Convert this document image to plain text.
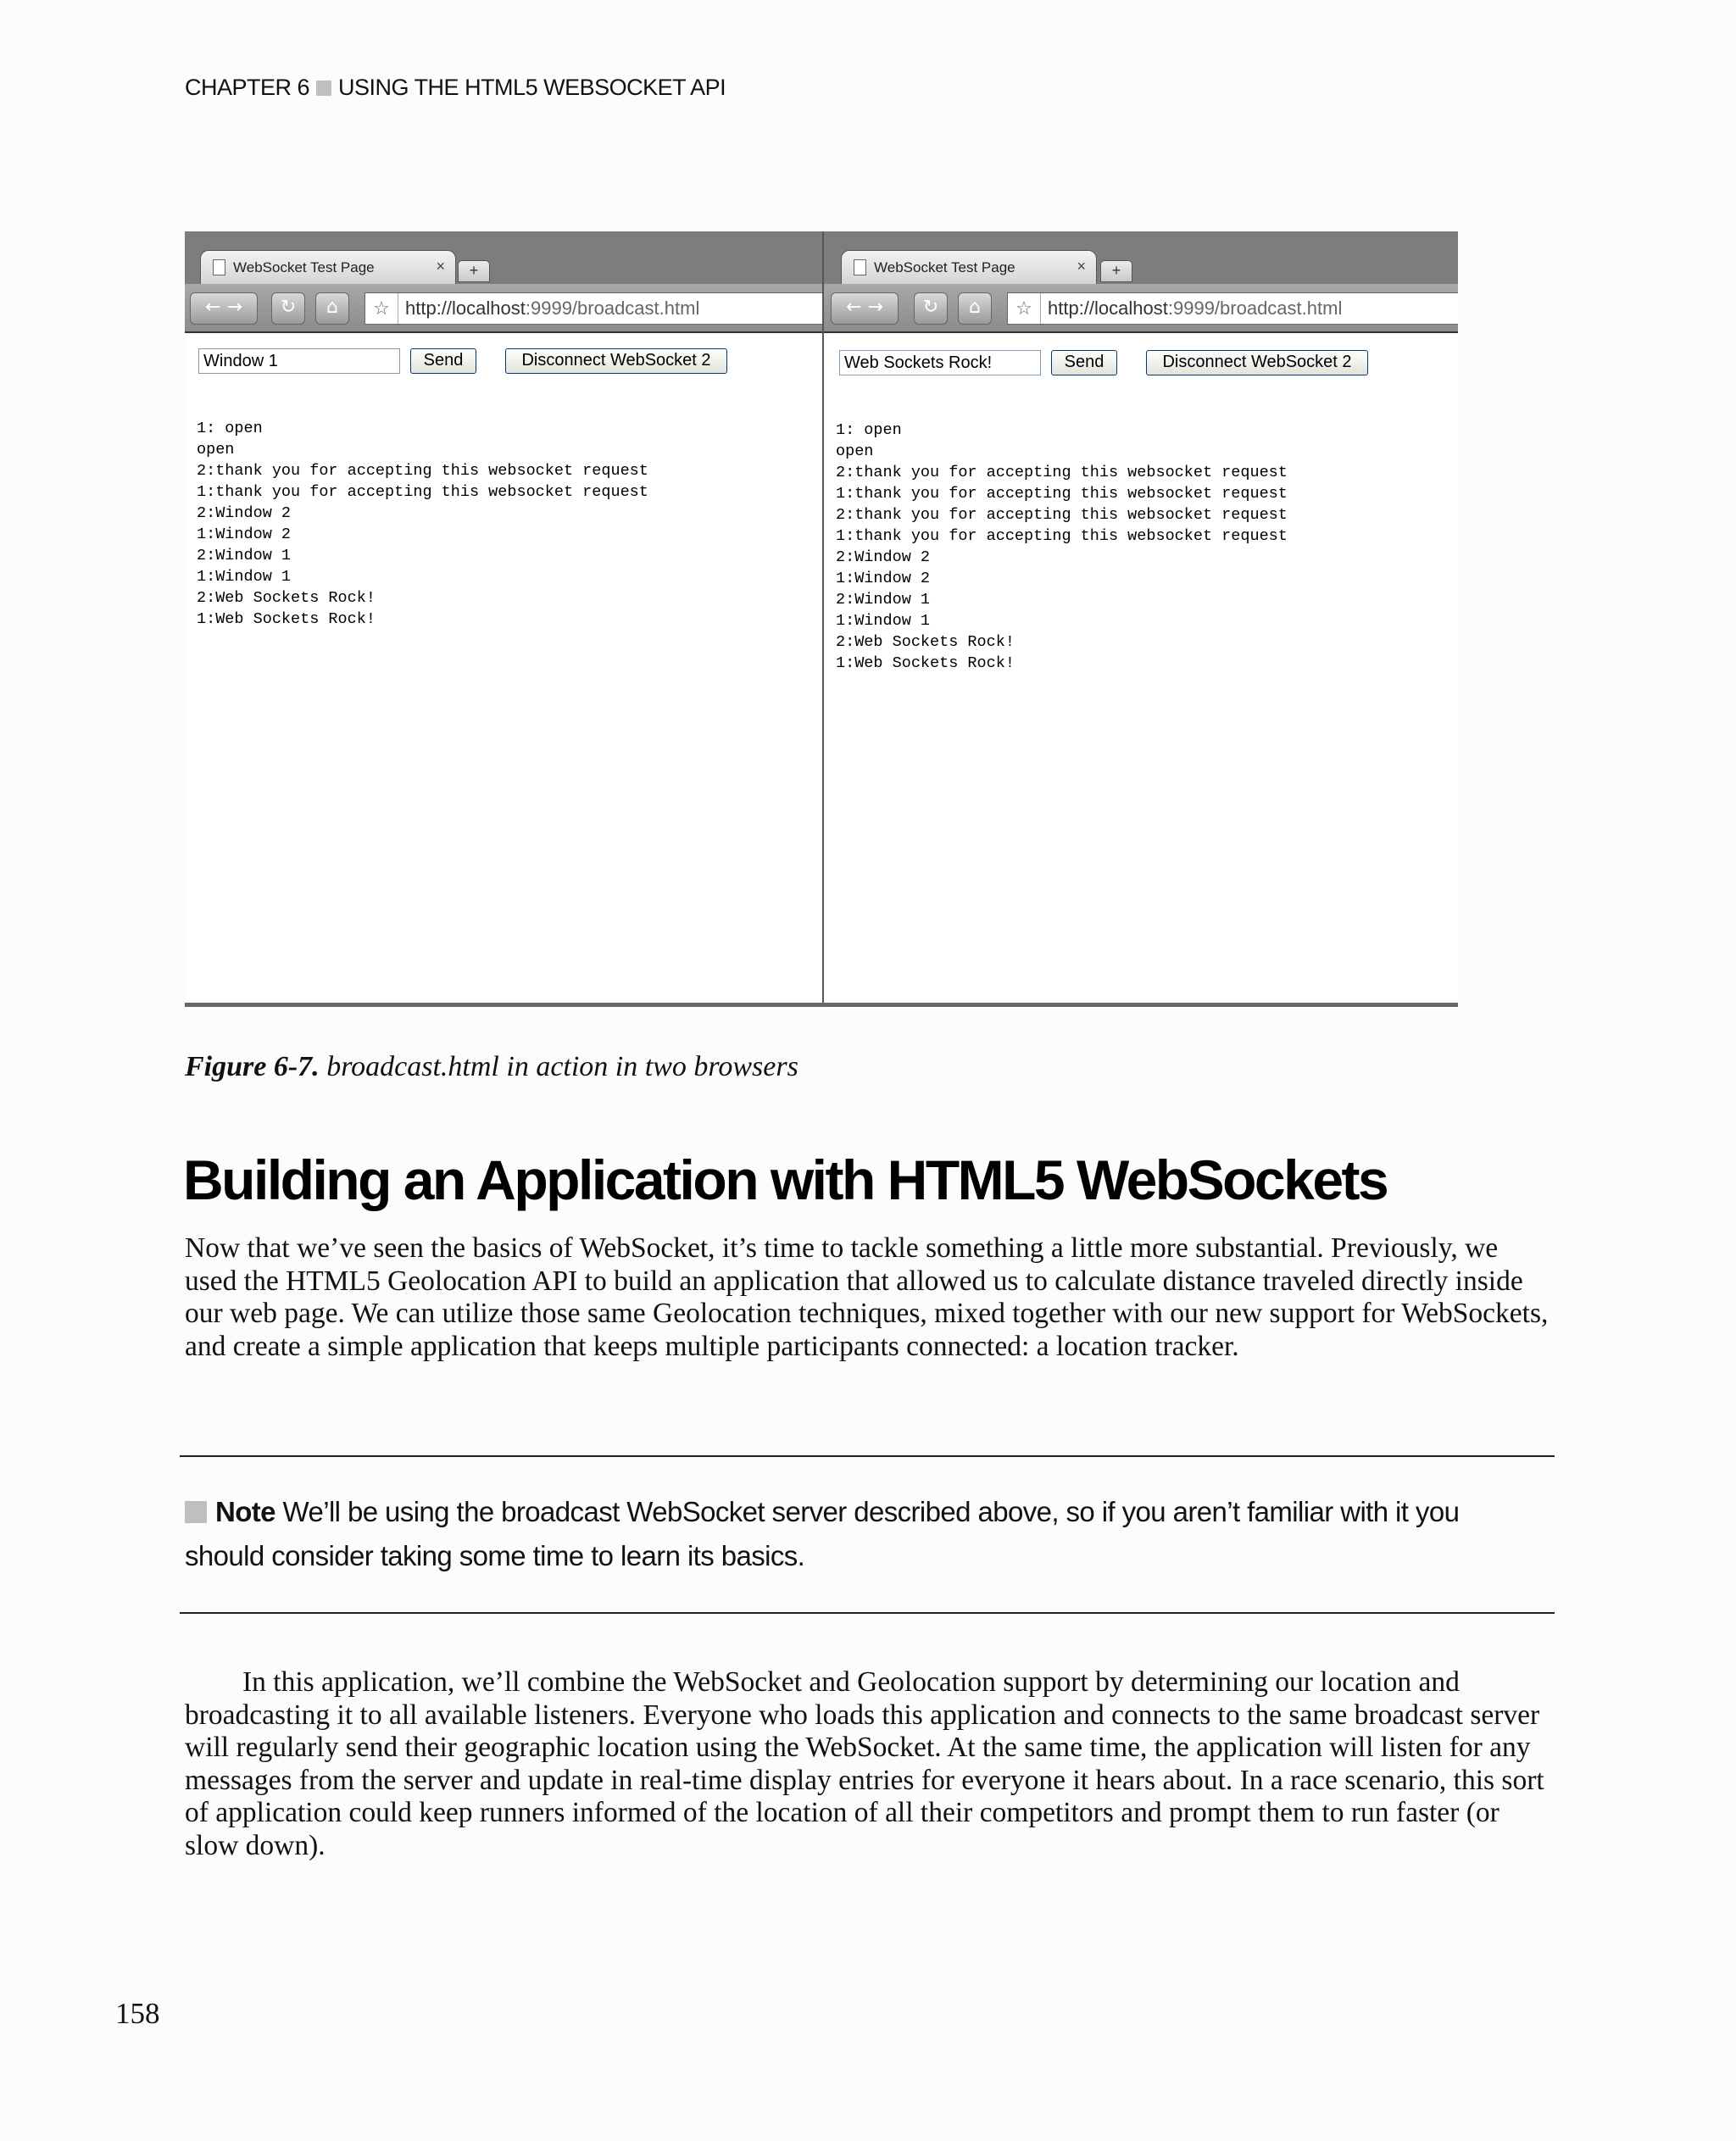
CHAPTER 6 USING THE HTML5 WEBSOCKET API
WebSocket Test Page	×	+
← →	↻	⌂	☆ http://localhost:9999/broadcast.html
Window 1
Send	Disconnect WebSocket 2
1: open
open
2:thank you for accepting this websocket request
1:thank you for accepting this websocket request
2:Window 2
1:Window 2
2:Window 1
1:Window 1
2:Web Sockets Rock!
1:Web Sockets Rock!
WebSocket Test Page	×	+
← →	↻	⌂	☆ http://localhost:9999/broadcast.html
Web Sockets Rock!
Send	Disconnect WebSocket 2
1: open
open
2:thank you for accepting this websocket request
1:thank you for accepting this websocket request
2:thank you for accepting this websocket request
1:thank you for accepting this websocket request
2:Window 2
1:Window 2
2:Window 1
1:Window 1
2:Web Sockets Rock!
1:Web Sockets Rock!
Figure 6-7. broadcast.html in action in two browsers
Building an Application with HTML5 WebSockets

Now that we’ve seen the basics of WebSocket, it’s time to tackle something a little more substantial. Previously, we used the HTML5 Geolocation API to build an application that allowed us to calculate distance traveled directly inside our web page. We can utilize those same Geolocation techniques, mixed together with our new support for WebSockets, and create a simple application that keeps multiple participants connected: a location tracker.

Note We’ll be using the broadcast WebSocket server described above, so if you aren’t familiar with it you should consider taking some time to learn its basics.

In this application, we’ll combine the WebSocket and Geolocation support by determining our location and broadcasting it to all available listeners. Everyone who loads this application and connects to the same broadcast server will regularly send their geographic location using the WebSocket. At the same time, the application will listen for any messages from the server and update in real-time display entries for everyone it hears about. In a race scenario, this sort of application could keep runners informed of the location of all their competitors and prompt them to run faster (or slow down).

158
